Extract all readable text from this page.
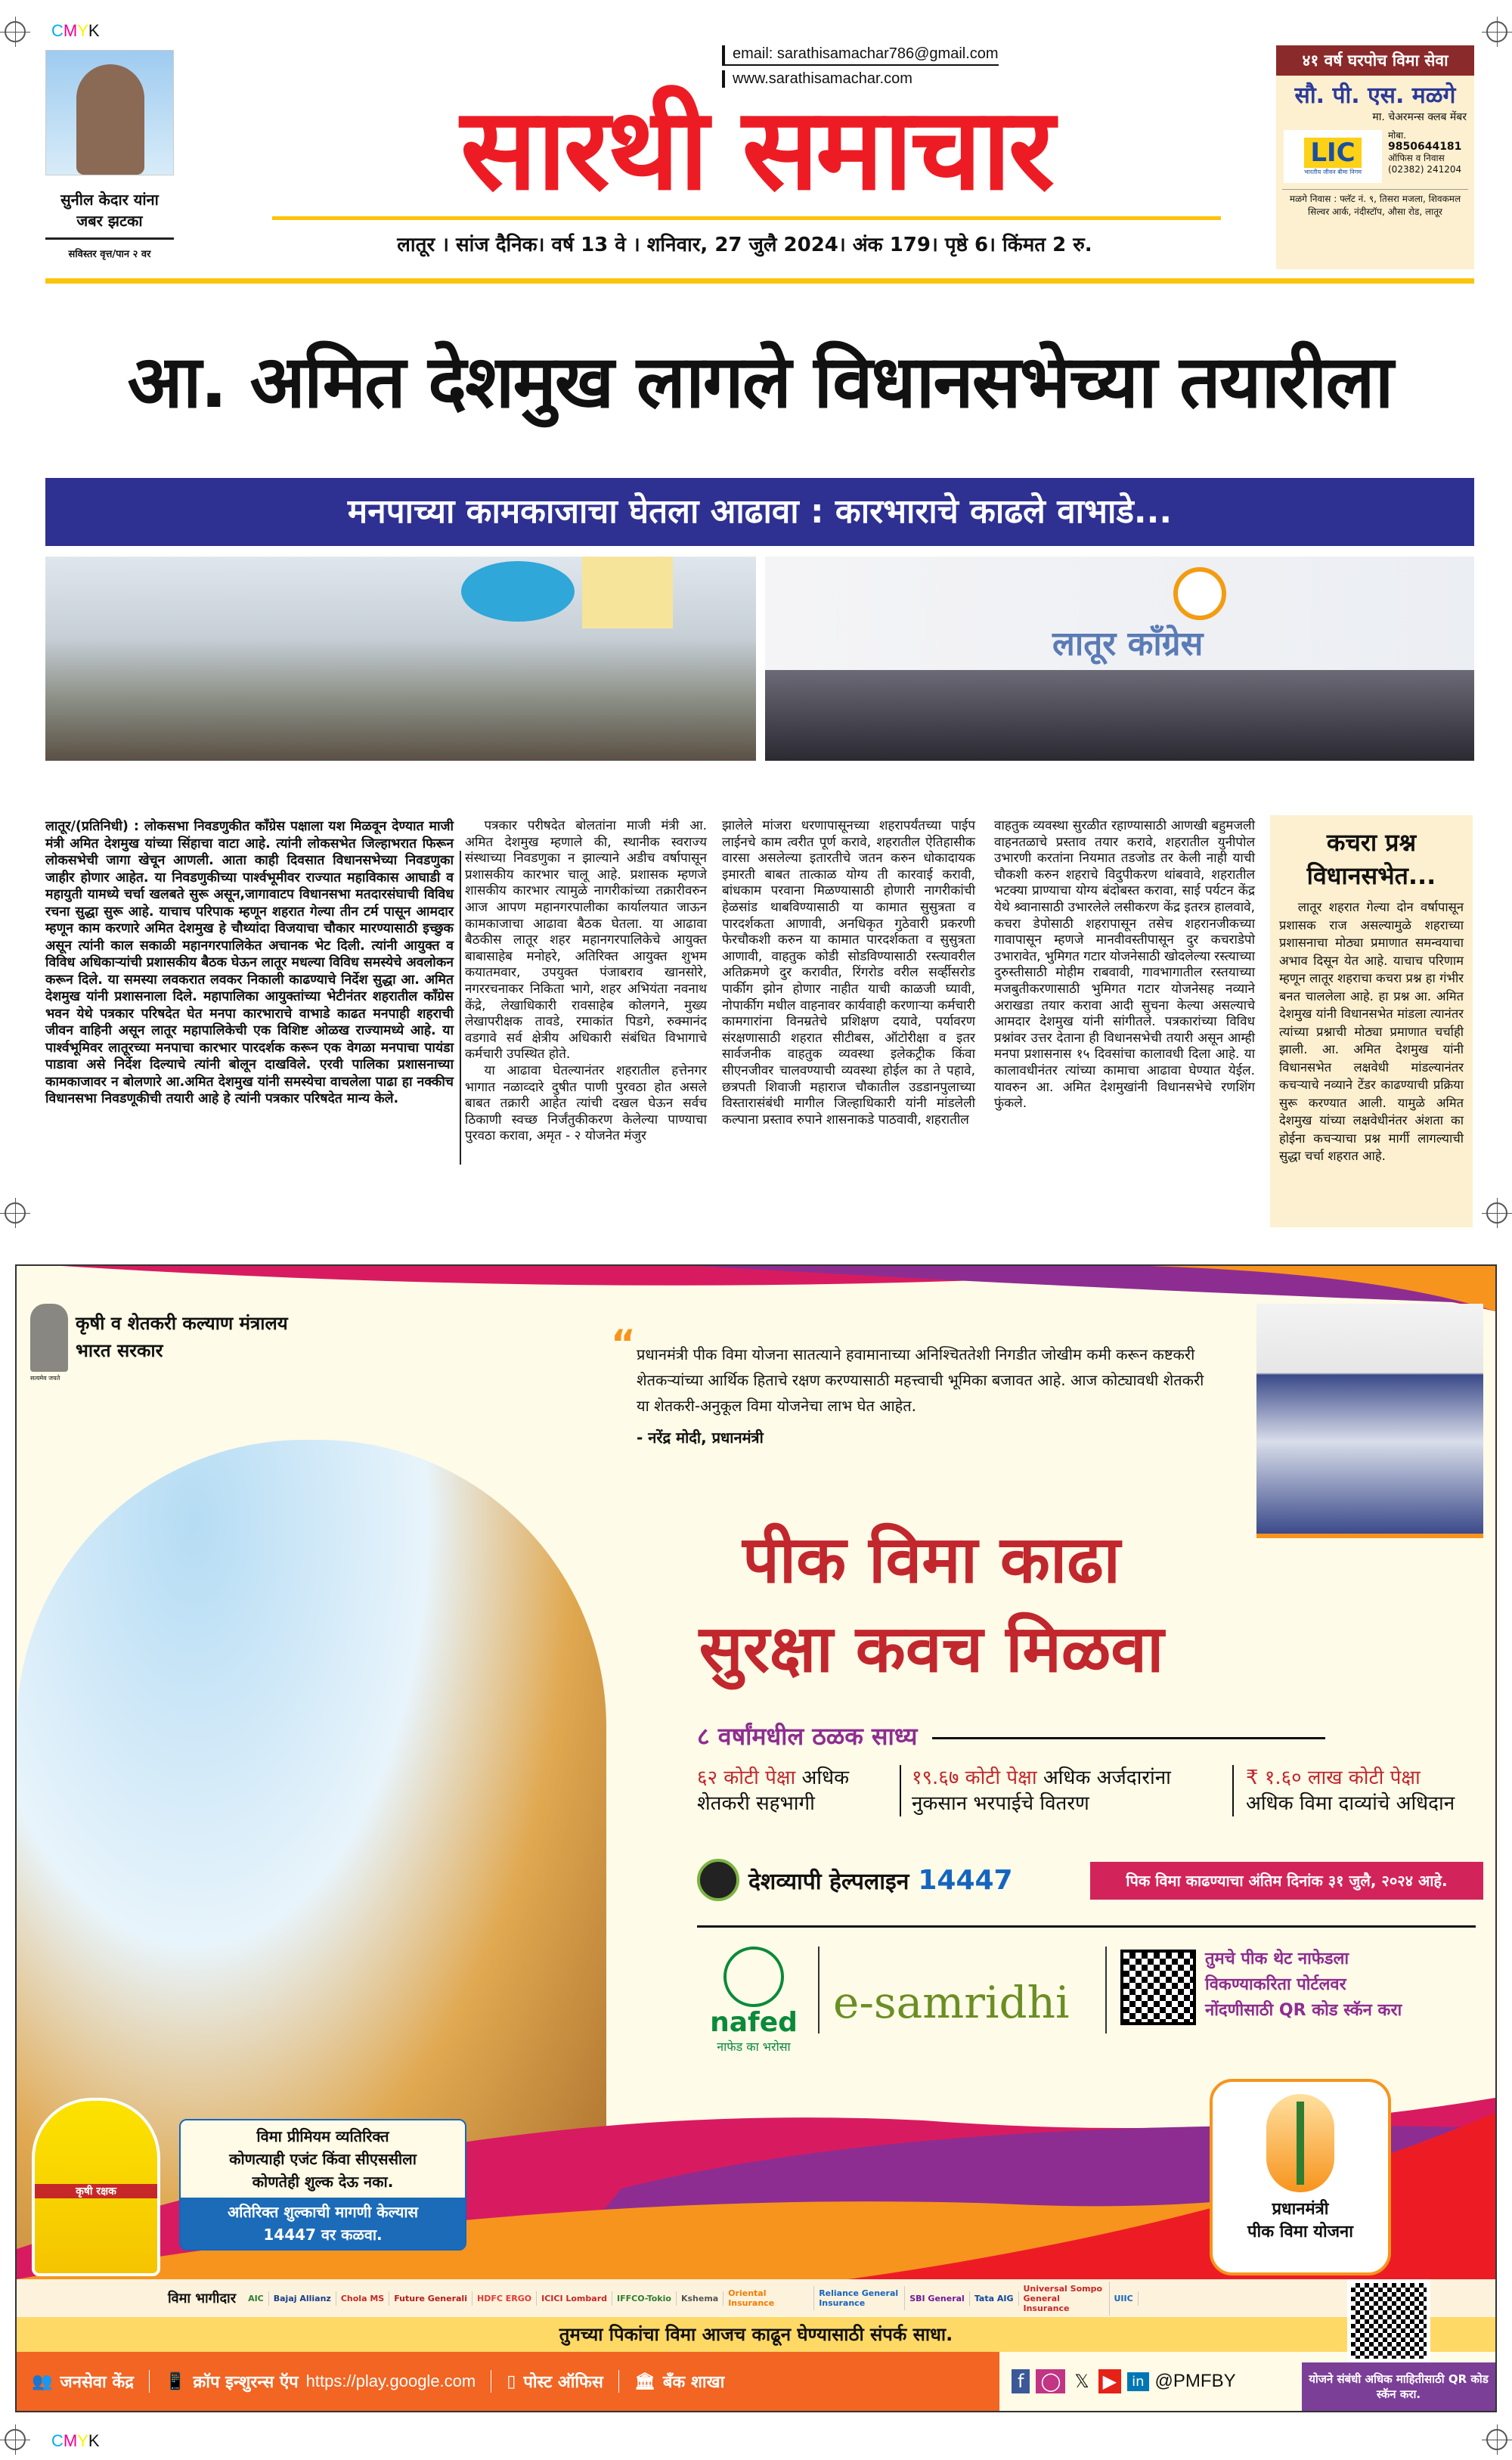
CMYK
सुनील केदार यांना
जबर झटका
सविस्तर वृत्त/पान २ वर
email: sarathisamachar786@gmail.com
www.sarathisamachar.com
सारथी समाचार
लातूर । सांज दैनिक। वर्ष 13 वे । शनिवार, 27 जुलै 2024। अंक 179। पृष्ठे 6। किंमत 2 रु.
४१ वर्ष घरपोच विमा सेवा
सौ. पी. एस. मळगे
मा. चेअरमन्स क्लब मेंबर
LIC
भारतीय जीवन बीमा निगम
मोबा.
9850644181
ऑफिस व निवास
(02382) 241204
मळगे निवास : फ्लॅट नं. ९, तिसरा मजला, शिवकमल सिल्वर आर्क, नंदीस्टॉप, औसा रोड, लातूर
आ. अमित देशमुख लागले विधानसभेच्या तयारीला
मनपाच्या कामकाजाचा घेतला आढावा : कारभाराचे काढले वाभाडे...
लातूर काँग्रेस

लातूर/(प्रतिनिधी) : लोकसभा निवडणुकीत काँग्रेस पक्षाला यश मिळवून देण्यात माजी मंत्री अमित देशमुख यांच्या सिंहाचा वाटा आहे. त्यांनी लोकसभेत जिल्हाभरात फिरून लोकसभेची जागा खेचून आणली. आता काही दिवसात विधानसभेच्या निवडणुका जाहीर होणार आहेत. या निवडणुकीच्या पार्श्वभूमीवर राज्यात महाविकास आघाडी व महायुती यामध्ये चर्चा खलबते सुरू असून,जागावाटप विधानसभा मतदारसंघाची विविध रचना सुद्धा सुरू आहे. याचाच परिपाक म्हणून शहरात गेल्या तीन टर्म पासून आमदार म्हणून काम करणारे अमित देशमुख हे चौथ्यांदा विजयाचा चौकार मारण्यासाठी इच्छुक असून त्यांनी काल सकाळी महानगरपालिकेत अचानक भेट दिली. त्यांनी आयुक्त व विविध अधिकाऱ्यांची प्रशासकीय बैठक घेऊन लातूर मधल्या विविध समस्येचे अवलोकन करून दिले. या समस्या लवकरात लवकर निकाली काढण्याचे निर्देश सुद्धा आ. अमित देशमुख यांनी प्रशासनाला दिले. महापालिका आयुक्तांच्या भेटीनंतर शहरातील काँग्रेस भवन येथे पत्रकार परिषदेत घेत मनपा कारभाराचे वाभाडे काढत मनपाही शहराची जीवन वाहिनी असून लातूर महापालिकेची एक विशिष्ट ओळख राज्यामध्ये आहे. या पार्श्वभूमिवर लातूरच्या मनपाचा कारभार पारदर्शक करून एक वेगळा मनपाचा पायंडा पाडावा असे निर्देश दिल्याचे त्यांनी बोलून दाखविले. एरवी पालिका प्रशासनाच्या कामकाजावर न बोलणारे आ.अमित देशमुख यांनी समस्येचा वाचलेला पाढा हा नक्कीच विधानसभा निवडणूकीची तयारी आहे हे त्यांनी पत्रकार परिषदेत मान्य केले.

पत्रकार परीषदेत बोलतांना माजी मंत्री आ. अमित देशमुख म्हणाले की, स्थानीक स्वराज्य संस्थाच्या निवडणुका न झाल्याने अडीच वर्षापासून प्रशासकीय कारभार चालू आहे. प्रशासक म्हणजे शासकीय कारभार त्यामुळे नागरीकांच्या तक्रारीवरुन आज आपण महानगरपालीका कार्यालयात जाऊन कामकाजाचा आढावा बैठक घेतला. या आढावा बैठकीस लातूर शहर महानगरपालिकेचे आयुक्त बाबासाहेब मनोहरे, अतिरिक्त आयुक्त शुभम कयातमवार, उपयुक्त पंजाबराव खानसोरे, नगररचनाकर निकिता भागे, शहर अभियंता नवनाथ केंद्रे, लेखाधिकारी रावसाहेब कोलगने, मुख्य लेखापरीक्षक तावडे, रमाकांत पिडगे, रुक्मानंद वडगावे सर्व क्षेत्रीय अधिकारी संबंधित विभागाचे कर्मचारी उपस्थित होते.

या आढावा घेतल्यानंतर शहरातील हत्तेनगर भागात नळाव्दारे दुषीत पाणी पुरवठा होत असले बाबत तक्रारी आहेत त्यांची दखल घेऊन सर्वच ठिकाणी स्वच्छ निर्जंतुकीकरण केलेल्या पाण्याचा पुरवठा करावा, अमृत - २ योजनेत मंजुर

झालेले मांजरा धरणापासूनच्या शहरापर्यंतच्या पाईप लाईनचे काम त्वरीत पूर्ण करावे, शहरातील ऐतिहासीक वारसा असलेल्या इतारतीचे जतन करुन धोकादायक इमारती बाबत तात्काळ योग्य ती कारवाई करावी, बांधकाम परवाना मिळण्यासाठी होणारी नागरीकांची हेळसांड थाबविण्यासाठी या कामात सुसुत्रता व पारदर्शकता आणावी, अनधिकृत गुठेवारी प्रकरणी फेरचौकशी करुन या कामात पारदर्शकता व सुसुत्रता आणावी, वाहतुक कोडी सोडविण्यासाठी रस्त्यावरील अतिक्रमणे दुर करावीत, रिंगरोड वरील सर्व्हीसरोड पार्कीग झोन होणार नाहीत याची काळजी घ्यावी, नोपार्कीग मधील वाहनावर कार्यवाही करणाऱ्या कर्मचारी कामगारांना विनम्रतेचे प्रशिक्षण दयावे, पर्यावरण संरक्षणासाठी शहरात सीटीबस, ऑटोरीक्षा व इतर सार्वजनीक वाहतुक व्यवस्था इलेकट्रीक किंवा सीएनजीवर चालवण्याची व्यवस्था होईल का ते पहावे, छत्रपती शिवाजी महाराज चौकातील उडडानपुलाच्या विस्तारासंबंधी मागील जिल्हाधिकारी यांनी मांडलेली कल्पाना प्रस्ताव रुपाने शासनाकडे पाठवावी, शहरातील

वाहतुक व्यवस्था सुरळीत रहाण्यासाठी आणखी बहुमजली वाहनतळाचे प्रस्ताव तयार करावे, शहरातील युनीपोल उभारणी करतांना नियमात तडजोड तर केली नाही याची चौकशी करुन शहराचे विदुपीकरण थांबवावे, शहरातील भटक्या प्राण्याचा योग्य बंदोबस्त करावा, साई पर्यटन केंद्र येथे श्र्वानासाठी उभारलेले लसीकरण केंद्र इतरत्र हालवावे, कचरा डेपोसाठी शहरापासून तसेच शहरानजीकच्या गावापासून म्हणजे मानवीवस्तीपासून दुर कचराडेपो उभारावेत, भुमिगत गटार योजनेसाठी खोदलेल्या रस्त्याच्या दुरुस्तीसाठी मोहीम राबवावी, गावभागातील रस्तयाच्या मजबुतीकरणासाठी भुमिगत गटार योजनेसह नव्याने अराखडा तयार करावा आदी सुचना केल्या असल्याचे आमदार देशमुख यांनी सांगीतले. पत्रकारांच्या विविध प्रश्नांवर उत्तर देताना ही विधानसभेची तयारी असून आम्ही मनपा प्रशासनास १५ दिवसांचा कालावधी दिला आहे. या कालावधीनंतर त्यांच्या कामाचा आढावा घेण्यात येईल. यावरुन आ. अमित देशमुखांनी विधानसभेचे रणशिंग फुंकले.

कचरा प्रश्न विधानसभेत...

लातूर शहरात गेल्या दोन वर्षापासून प्रशासक राज असल्यामुळे शहराच्या प्रशासनाचा मोठ्या प्रमाणात समन्वयाचा अभाव दिसून येत आहे. याचाच परिणाम म्हणून लातूर शहराचा कचरा प्रश्न हा गंभीर बनत चाललेला आहे. हा प्रश्न आ. अमित देशमुख यांनी विधानसभेत मांडला त्यानंतर त्यांच्या प्रश्नाची मोठ्या प्रमाणात चर्चाही झाली. आ. अमित देशमुख यांनी विधानसभेत लक्षवेधी मांडल्यानंतर कचऱ्याचे नव्याने टेंडर काढण्याची प्रक्रिया सुरू करण्यात आली. यामुळे अमित देशमुख यांच्या लक्षवेधीनंतर अंशता का होईना कचऱ्याचा प्रश्न मार्गी लागल्याची सुद्धा चर्चा शहरात आहे.

सत्यमेव जयते
कृषी व शेतकरी कल्याण मंत्रालय
भारत सरकार	“ प्रधानमंत्री पीक विमा योजना सातत्याने हवामानाच्या अनिश्चिततेशी निगडीत जोखीम कमी करून कष्टकरी शेतकऱ्यांच्या आर्थिक हिताचे रक्षण करण्यासाठी महत्त्वाची भूमिका बजावत आहे. आज कोट्यावधी शेतकरी या शेतकरी-अनुकूल विमा योजनेचा लाभ घेत आहेत.
- नरेंद्र मोदी, प्रधानमंत्री
पीक विमा काढा
सुरक्षा कवच मिळवा
८ वर्षांमधील ठळक साध्य
६२ कोटी पेक्षा अधिक
शेतकरी सहभागी
१९.६७ कोटी पेक्षा अधिक अर्जदारांना
नुकसान भरपाईचे वितरण
₹ १.६० लाख कोटी पेक्षा
अधिक विमा दाव्यांचे अधिदान
देशव्यापी हेल्पलाइन 14447	पिक विमा काढण्याचा अंतिम दिनांक ३१ जुलै, २०२४ आहे.
nafed
नाफेड का भरोसा
e-samridhi
तुमचे पीक थेट नाफेडला
विकण्याकरिता पोर्टलवर
नोंदणीसाठी QR कोड स्कॅन करा
कृषी रक्षक
विमा प्रीमियम व्यतिरिक्त
कोणत्याही एजंट किंवा सीएससीला
कोणतेही शुल्क देऊ नका.
अतिरिक्त शुल्काची मागणी केल्यास
14447 वर कळवा.
प्रधानमंत्री
पीक विमा योजना
विमा भागीदार	AIC	Bajaj Allianz	Chola MS	Future Generali	HDFC ERGO	ICICI Lombard	IFFCO-Tokio	Kshema	Oriental Insurance
Reliance General Insurance	SBI General	Tata AIG
Universal Sompo General Insurance
UIIC
तुमच्या पिकांचा विमा आजच काढून घेण्यासाठी संपर्क साधा.
👥 जनसेवा केंद्र 📱 क्रॉप इन्शुरन्स ऍप https://play.google.com ▯ पोस्ट ऑफिस 🏛 बँक शाखा	f ◯ 𝕏 ▶	in @PMFBY	योजने संबंधी अधिक माहितीसाठी QR कोड स्कॅन करा.
CMYK
